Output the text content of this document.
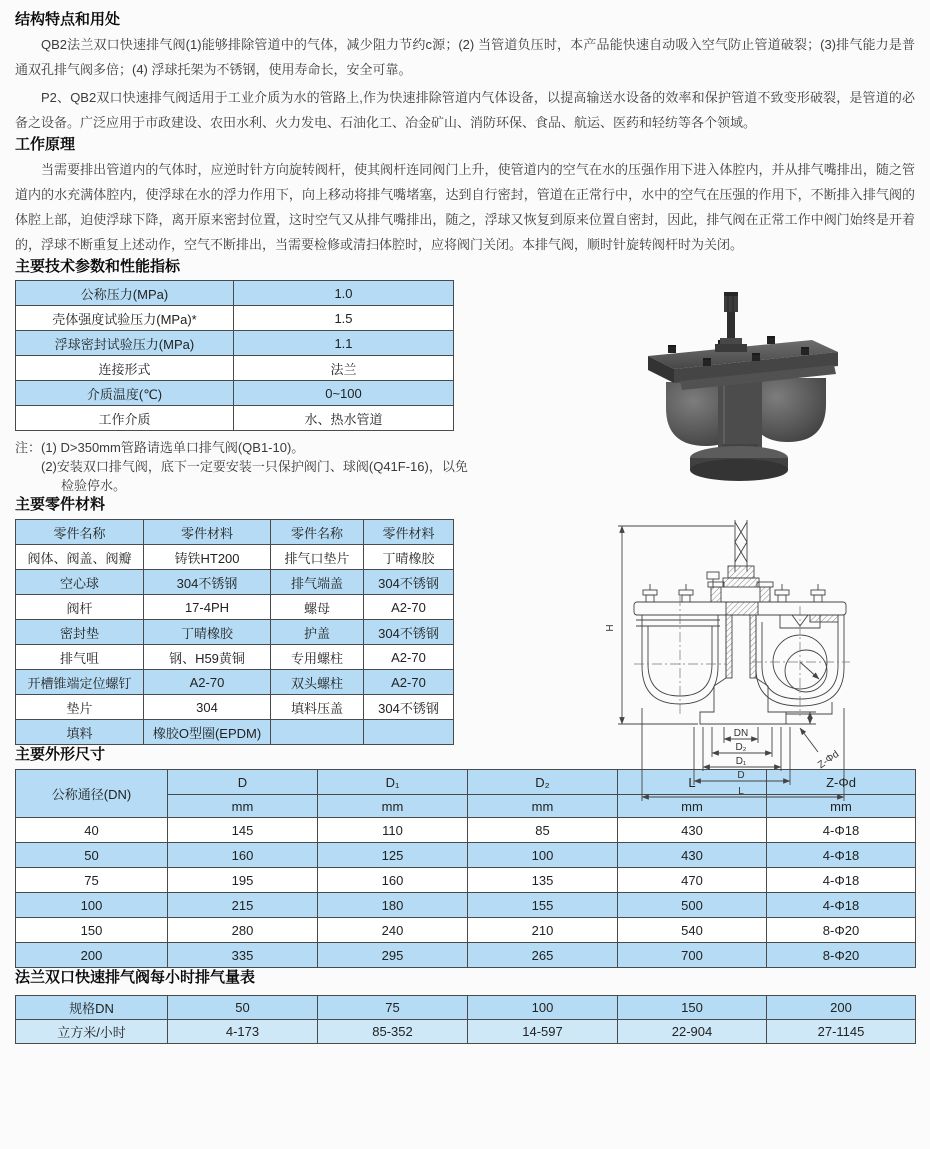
结构特点和用处

QB2法兰双口快速排气阀(1)能够排除管道中的气体，减少阻力节约c源；(2) 当管道负压时，本产品能快速自动吸入空气防止管道破裂；(3)排气能力是普通双孔排气阀多倍；(4) 浮球托架为不锈钢，使用寿命长，安全可靠。

P2、QB2双口快速排气阀适用于工业介质为水的管路上,作为快速排除管道内气体设备，以提高输送水设备的效率和保护管道不致变形破裂，是管道的必备之设备。广泛应用于市政建设、农田水利、火力发电、石油化工、冶金矿山、消防环保、食品、航运、医药和轻纺等各个领域。

工作原理

当需要排出管道内的气体时，应逆时针方向旋转阀杆，使其阀杆连同阀门上升，使管道内的空气在水的压强作用下进入体腔内，并从排气嘴排出，随之管道内的水充满体腔内，使浮球在水的浮力作用下，向上移动将排气嘴堵塞，达到自行密封，管道在正常行中，水中的空气在压强的作用下，不断排入排气阀的体腔上部，迫使浮球下降，离开原来密封位置，这时空气又从排气嘴排出，随之，浮球又恢复到原来位置自密封，因此，排气阀在正常工作中阀门始终是开着的，浮球不断重复上述动作，空气不断排出，当需要检修或清扫体腔时，应将阀门关闭。本排气阀，顺时针旋转阀杆时为关闭。

主要技术参数和性能指标
公称压力(MPa)	1.0
壳体强度试验压力(MPa)*	1.5
浮球密封试验压力(MPa)	1.1
连接形式	法兰
介质温度(℃)	0~100
工作介质	水、热水管道
注：(1) D>350mm管路请选单口排气阀(QB1-10)。
(2)安装双口排气阀，底下一定要安装一只保护阀门、球阀(Q41F-16)，以免
检验停水。
主要零件材料
零件名称	零件材料	零件名称	零件材料
阀体、阀盖、阀瓣	铸铁HT200	排气口垫片	丁晴橡胶
空心球	304不锈钢	排气端盖	304不锈钢
阀杆	17-4PH	螺母	A2-70
密封垫	丁晴橡胶	护盖	304不锈钢
排气咀	钢、H59黄铜	专用螺柱	A2-70
开槽锥端定位螺钉	A2-70	双头螺柱	A2-70
垫片	304	填料压盖	304不锈钢
填料	橡胶O型圈(EPDM)		
主要外形尺寸
公称通径(DN)	D	D₁	D₂	L	Z-Φd
	mm	mm	mm	mm	mm
40	145	110	85	430	4-Φ18
50	160	125	100	430	4-Φ18
75	195	160	135	470	4-Φ18
100	215	180	155	500	4-Φ18
150	280	240	210	540	8-Φ20
200	335	295	265	700	8-Φ20
法兰双口快速排气阀每小时排气量表
规格DN	50	75	100	150	200
立方米/小时	4-173	85-352	14-597	22-904	27-1145
H
DN
D₂
D₁
D
L
Z-Φd
